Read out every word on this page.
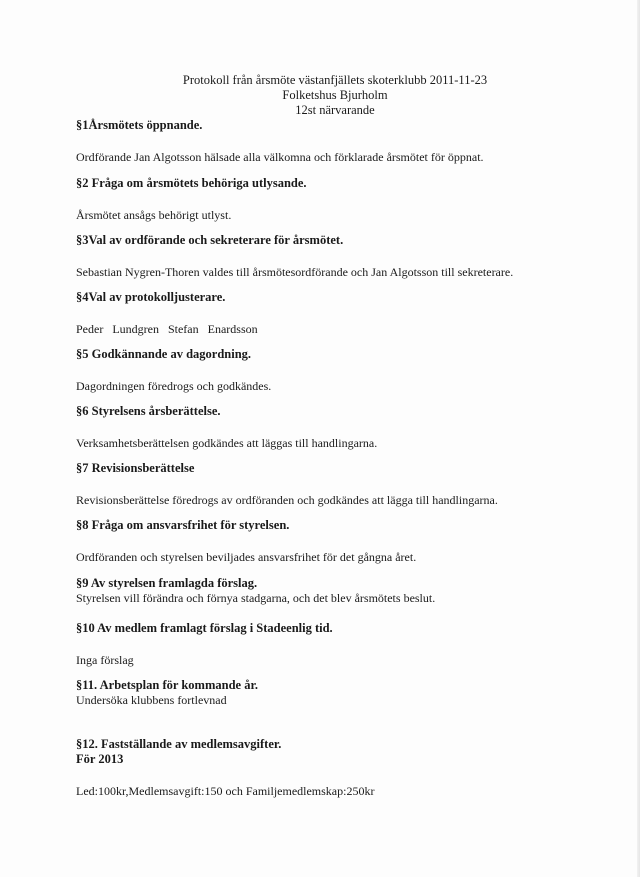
Protokoll från årsmöte västanfjällets skoterklubb 2011-11-23
Folketshus Bjurholm
12st närvarande
§1Årsmötets öppnande.
Ordförande Jan Algotsson hälsade alla välkomna och förklarade årsmötet för öppnat.
§2 Fråga om årsmötets behöriga utlysande.
Årsmötet ansågs behörigt utlyst.
§3Val av ordförande och sekreterare för årsmötet.
Sebastian Nygren-Thoren valdes till årsmötesordförande och Jan Algotsson till sekreterare.
§4Val av protokolljusterare.
Peder Lundgren Stefan Enardsson
§5 Godkännande av dagordning.
Dagordningen föredrogs och godkändes.
§6 Styrelsens årsberättelse.
Verksamhetsberättelsen godkändes att läggas till handlingarna.
§7 Revisionsberättelse
Revisionsberättelse föredrogs av ordföranden och godkändes att lägga till handlingarna.
§8 Fråga om ansvarsfrihet för styrelsen.
Ordföranden och styrelsen beviljades ansvarsfrihet för det gångna året.
§9 Av styrelsen framlagda förslag.
Styrelsen vill förändra och förnya stadgarna, och det blev årsmötets beslut.
§10 Av medlem framlagt förslag i Stadeenlig tid.
Inga förslag
§11. Arbetsplan för kommande år.
Undersöka klubbens fortlevnad
§12. Fastställande av medlemsavgifter.
För 2013
Led:100kr,Medlemsavgift:150 och Familjemedlemskap:250kr
